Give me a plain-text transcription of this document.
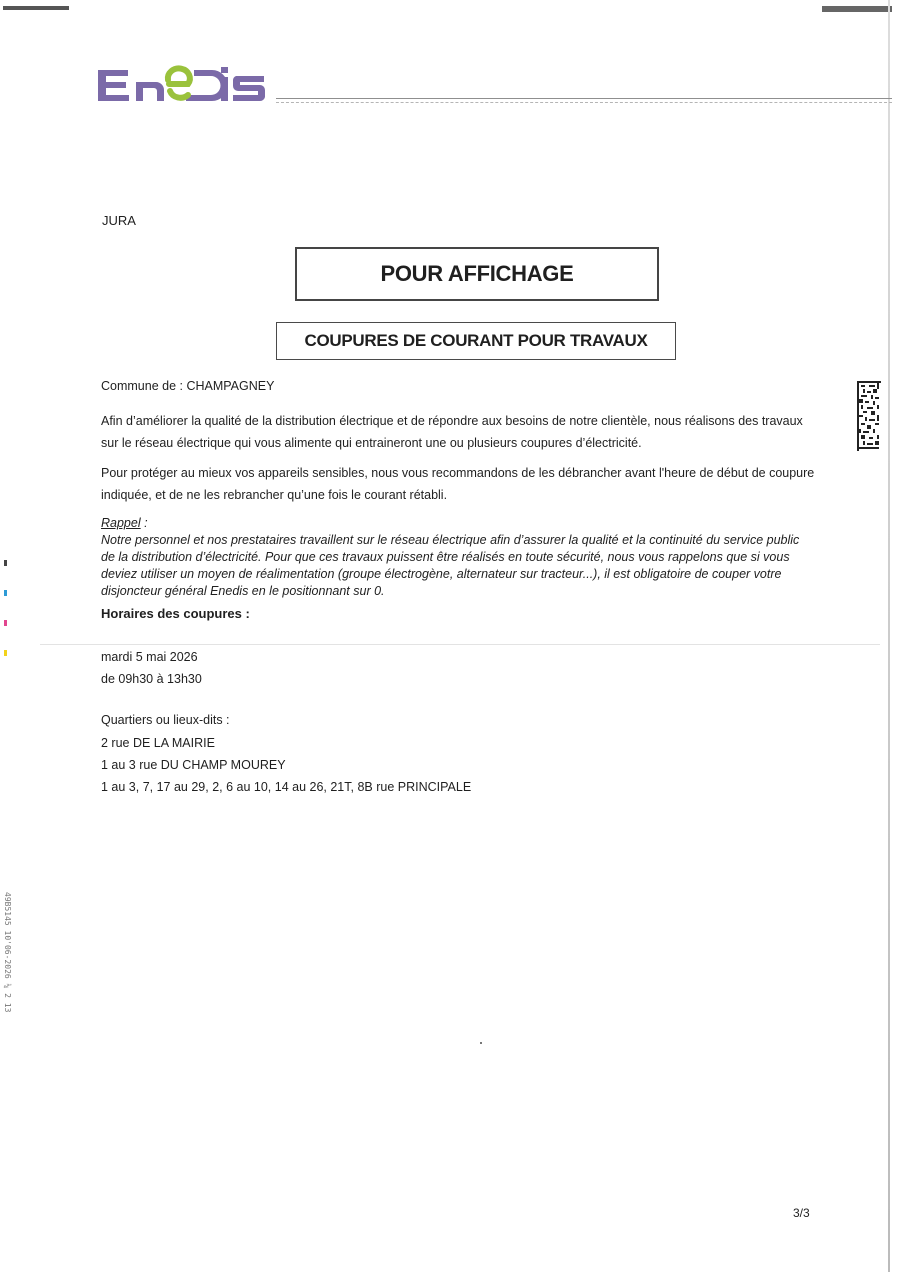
JURA
POUR AFFICHAGE
COUPURES DE COURANT POUR TRAVAUX
Commune de : CHAMPAGNEY
Afin d’améliorer la qualité de la distribution électrique et de répondre aux besoins de notre clientèle, nous réalisons des travaux
sur le réseau électrique qui vous alimente qui entraineront une ou plusieurs coupures d’électricité.
Pour protéger au mieux vos appareils sensibles, nous vous recommandons de les débrancher avant l'heure de début de coupure
indiquée, et de ne les rebrancher qu’une fois le courant rétabli.
Rappel :
Notre personnel et nos prestataires travaillent sur le réseau électrique afin d’assurer la qualité et la continuité du service public
de la distribution d’électricité. Pour que ces travaux puissent être réalisés en toute sécurité, nous vous rappelons que si vous
deviez utiliser un moyen de réalimentation (groupe électrogène, alternateur sur tracteur...), il est obligatoire de couper votre
disjoncteur général Enedis en le positionnant sur 0.
Horaires des coupures :
mardi 5 mai 2026
de 09h30 à 13h30
Quartiers ou lieux-dits :
2 rue DE LA MAIRIE
1 au 3 rue DU CHAMP MOUREY
1 au 3, 7, 17 au 29, 2, 6 au 10, 14 au 26, 21T, 8B rue PRINCIPALE
49B5145 10'06-2026 ¼ 2 13
3/3
